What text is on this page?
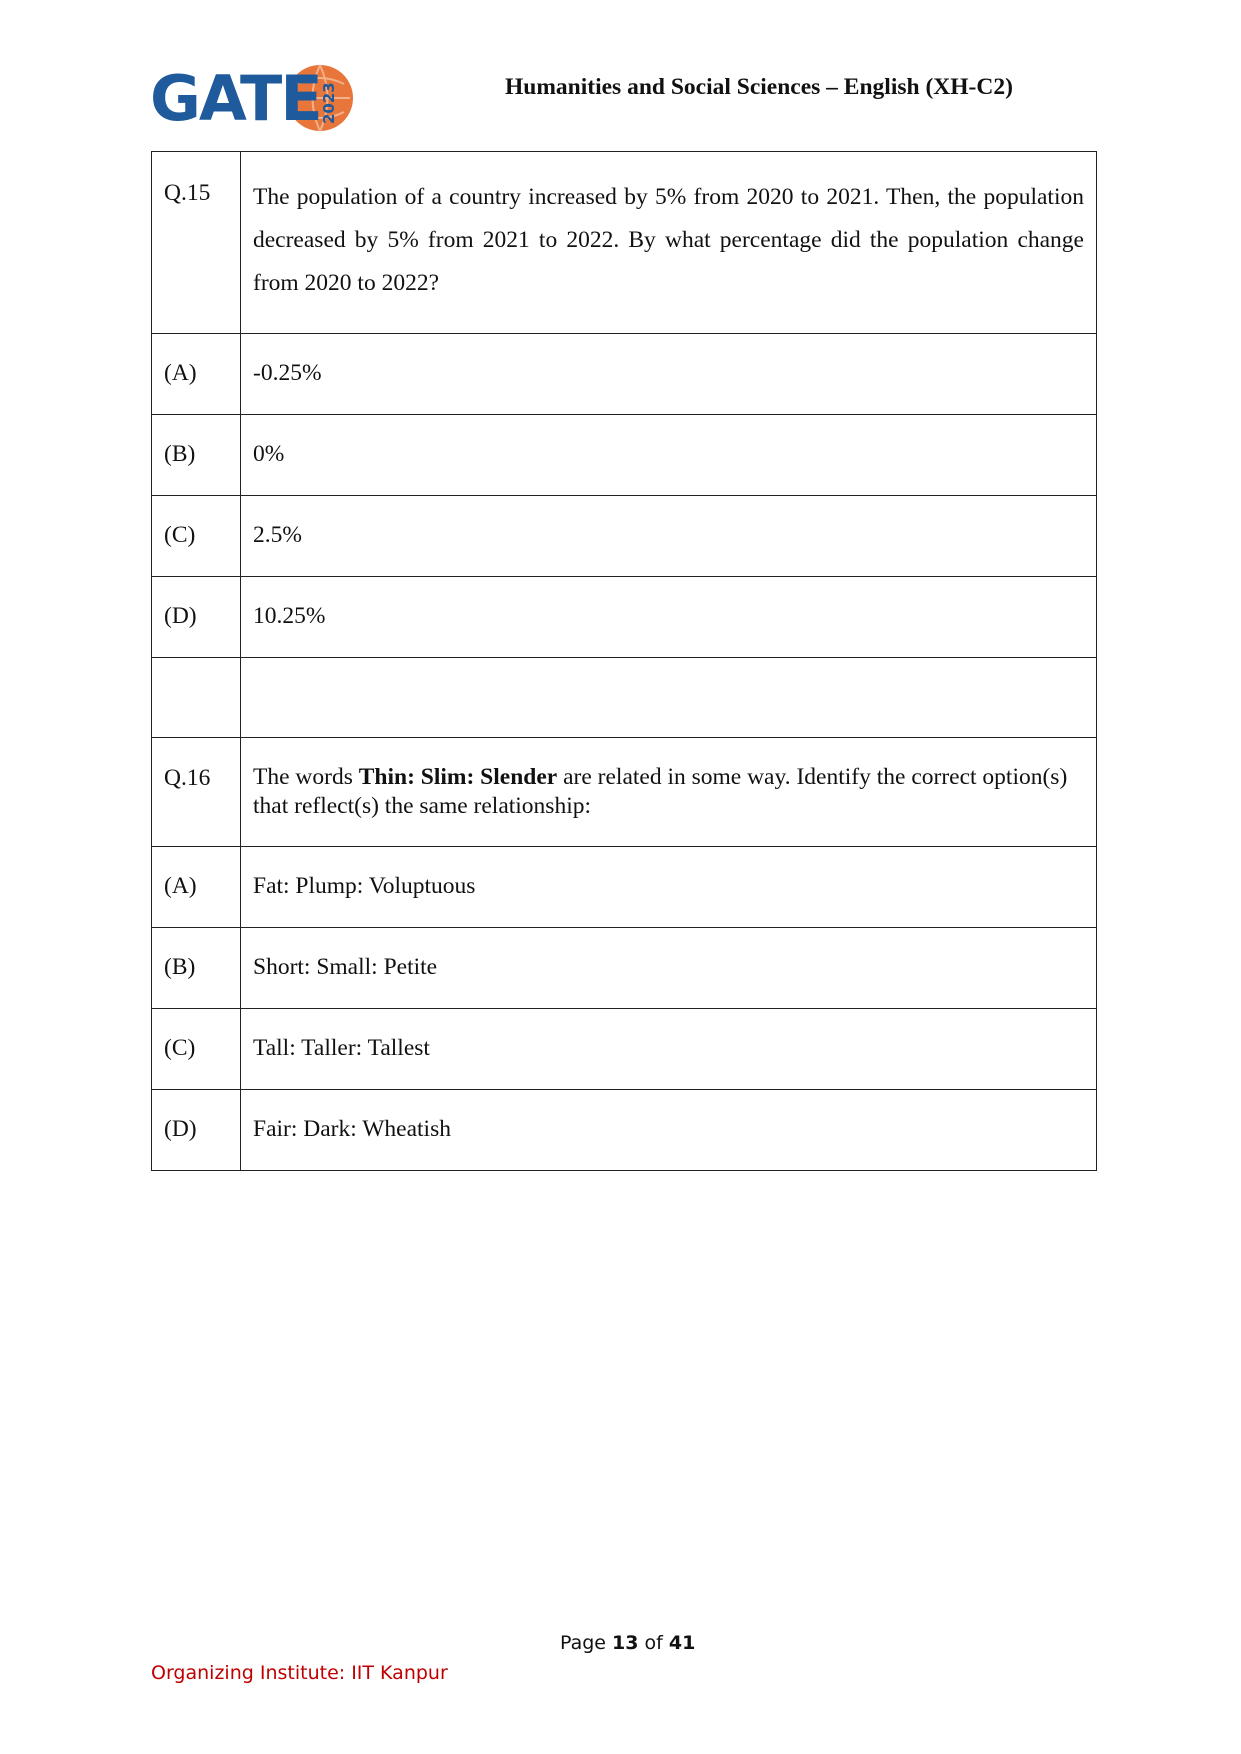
GATE 2023	Humanities and Social Sciences – English (XH-C2)
Q.15	The population of a country increased by 5% from 2020 to 2021. Then, the population decreased by 5% from 2021 to 2022. By what percentage did the population change from 2020 to 2022?
(A)	-0.25%
(B)	0%
(C)	2.5%
(D)	10.25%

Q.16	The words Thin: Slim: Slender are related in some way. Identify the correct option(s) that reflect(s) the same relationship:
(A)	Fat: Plump: Voluptuous
(B)	Short: Small: Petite
(C)	Tall: Taller: Tallest
(D)	Fair: Dark: Wheatish
Page 13 of 41
Organizing Institute: IIT Kanpur
